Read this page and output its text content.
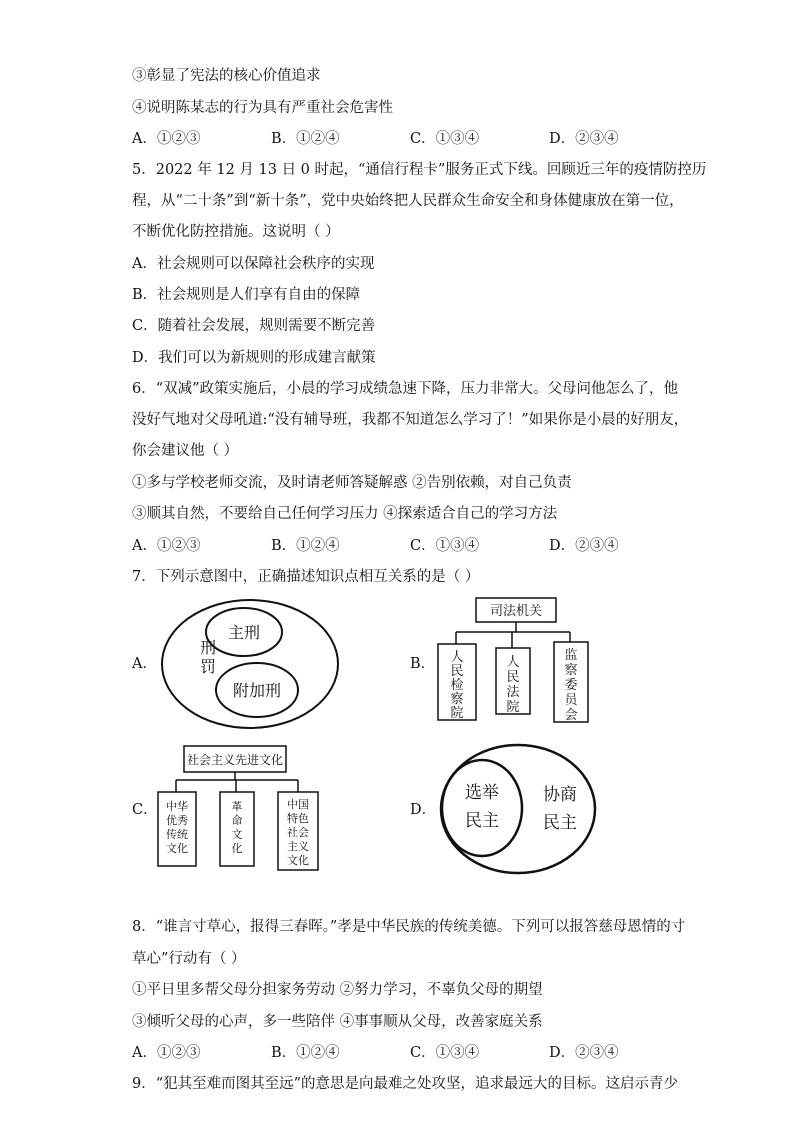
③彰显了宪法的核心价值追求
④说明陈某志的行为具有严重社会危害性
A．①②③	B．①②④	C．①③④	D．②③④
5．2022 年 12 月 13 日 0 时起，“通信行程卡”服务正式下线。回顾近三年的疫情防控历
程，从“二十条”到“新十条”，党中央始终把人民群众生命安全和身体健康放在第一位，
不断优化防控措施。这说明（ ）
A．社会规则可以保障社会秩序的实现
B．社会规则是人们享有自由的保障
C．随着社会发展，规则需要不断完善
D．我们可以为新规则的形成建言献策
6．“双减”政策实施后，小晨的学习成绩急速下降，压力非常大。父母问他怎么了，他
没好气地对父母吼道:“没有辅导班，我都不知道怎么学习了！”如果你是小晨的好朋友，
你会建议他（ ）
①多与学校老师交流，及时请老师答疑解惑 ②告别依赖，对自己负责
③顺其自然，不要给自己任何学习压力 ④探索适合自己的学习方法
A．①②③	B．①②④	C．①③④	D．②③④
7．下列示意图中，正确描述知识点相互关系的是（ ）
A．	B．
C．	D．
刑
罚
主刑
附加刑
司法机关
人
民
检
察
院
人
民
法
院
监
察
委
员
会
社会主义先进文化
中华
优秀
传统
文化
革
命
文
化
中国
特色
社会
主义
文化
选举
民主
协商
民主
8．“谁言寸草心，报得三春晖。”孝是中华民族的传统美德。下列可以报答慈母恩情的寸
草心”行动有（ ）
①平日里多帮父母分担家务劳动 ②努力学习，不辜负父母的期望
③倾听父母的心声，多一些陪伴 ④事事顺从父母，改善家庭关系
A．①②③	B．①②④	C．①③④	D．②③④
9．“犯其至难而图其至远”的意思是向最难之处攻坚，追求最远大的目标。这启示青少
